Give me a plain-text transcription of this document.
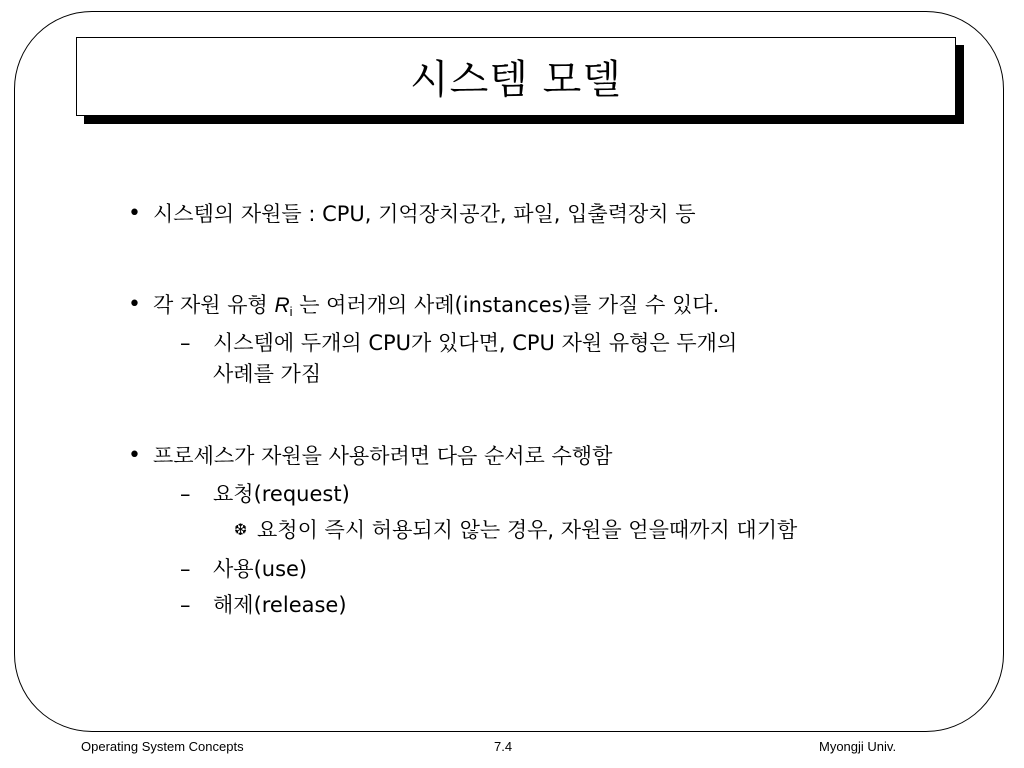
시스템 모델
• 시스템의 자원들 : CPU, 기억장치공간, 파일, 입출력장치 등
• 각 자원 유형 $R_i$ 는 여러개의 사례(instances)를 가질 수 있다.
– 시스템에 두개의 CPU가 있다면, CPU 자원 유형은 두개의
사례를 가짐
• 프로세스가 자원을 사용하려면 다음 순서로 수행함
– 요청(request)
❆ 요청이 즉시 허용되지 않는 경우, 자원을 얻을때까지 대기함
– 사용(use)
– 해제(release)
Operating System Concepts	7.4	Myongji Univ.
